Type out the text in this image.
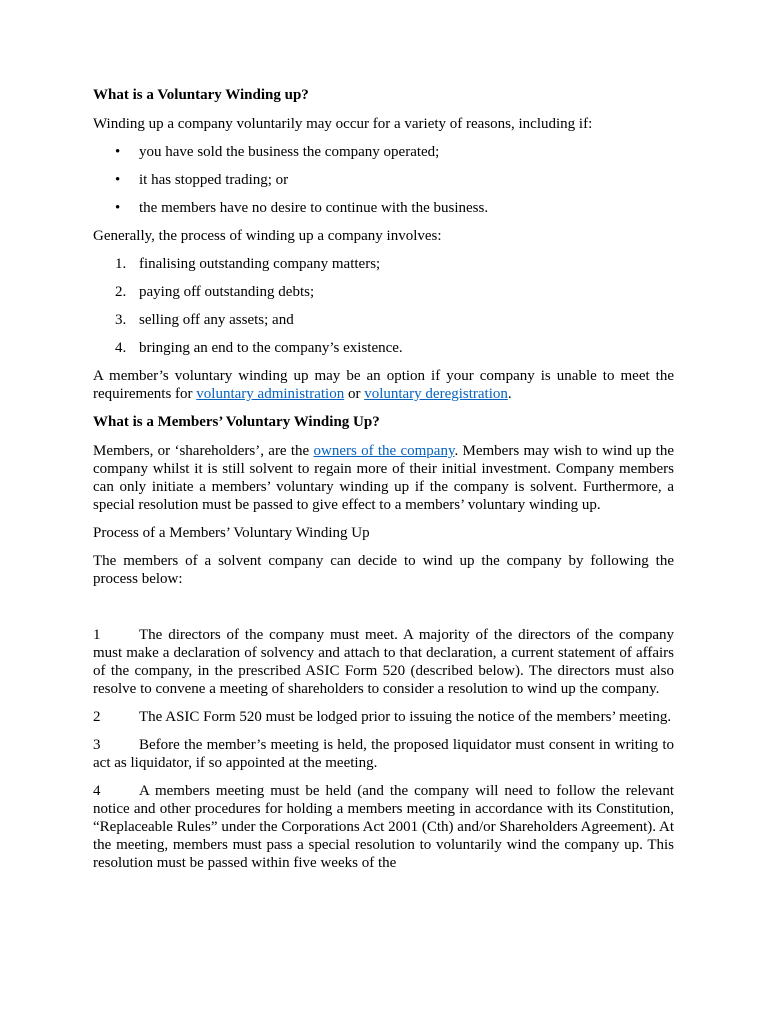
What is a Voluntary Winding up?

Winding up a company voluntarily may occur for a variety of reasons, including if:

• you have sold the business the company operated;
• it has stopped trading; or
• the members have no desire to continue with the business.

Generally, the process of winding up a company involves:

1. finalising outstanding company matters;
2. paying off outstanding debts;
3. selling off any assets; and
4. bringing an end to the company’s existence.

A member’s voluntary winding up may be an option if your company is unable to meet the requirements for voluntary administration or voluntary deregistration.

What is a Members’ Voluntary Winding Up?

Members, or ‘shareholders’, are the owners of the company. Members may wish to wind up the company whilst it is still solvent to regain more of their initial investment. Company members can only initiate a members’ voluntary winding up if the company is solvent. Furthermore, a special resolution must be passed to give effect to a members’ voluntary winding up.

Process of a Members’ Voluntary Winding Up

The members of a solvent company can decide to wind up the company by following the process below:

1	The directors of the company must meet. A majority of the directors of the company must make a declaration of solvency and attach to that declaration, a current statement of affairs of the company, in the prescribed ASIC Form 520 (described below). The directors must also resolve to convene a meeting of shareholders to consider a resolution to wind up the company.

2	The ASIC Form 520 must be lodged prior to issuing the notice of the members’ meeting.

3	Before the member’s meeting is held, the proposed liquidator must consent in writing to act as liquidator, if so appointed at the meeting.

4	A members meeting must be held (and the company will need to follow the relevant notice and other procedures for holding a members meeting in accordance with its Constitution, “Replaceable Rules” under the Corporations Act 2001 (Cth) and/or Shareholders Agreement). At the meeting, members must pass a special resolution to voluntarily wind the company up. This resolution must be passed within five weeks of the
